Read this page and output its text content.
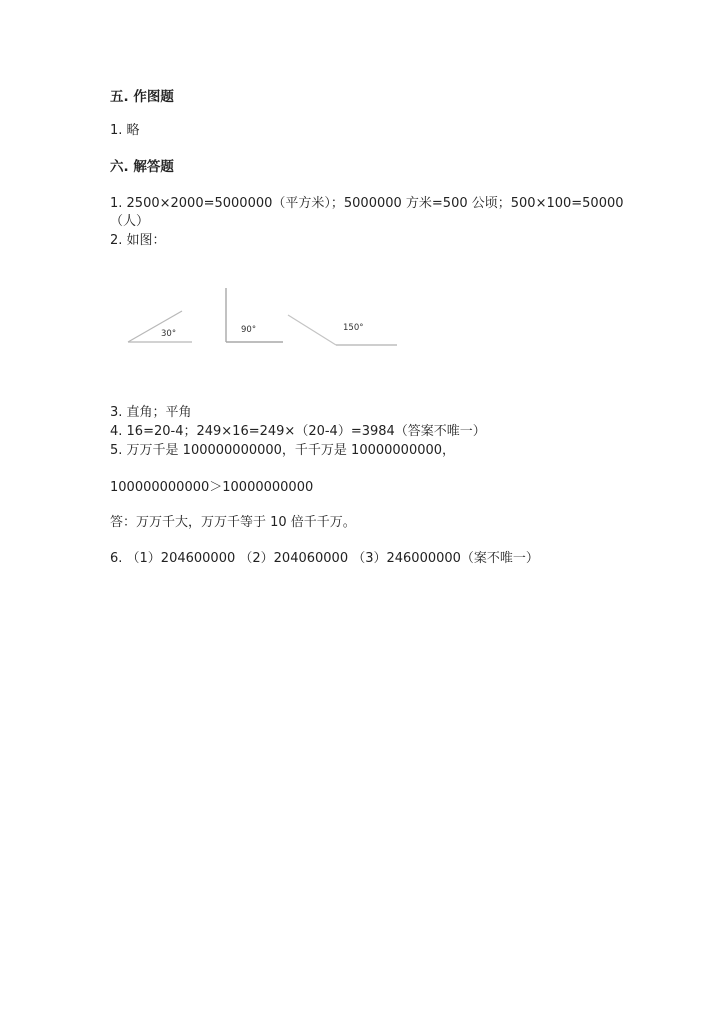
五. 作图题
1. 略
六. 解答题
1. 2500×2000=5000000（平方米）；5000000 方米=500 公顷；500×100=50000
（人）
2. 如图：
30°	90°	150°
3. 直角；平角
4. 16=20-4；249×16=249×（20-4）=3984（答案不唯一）
5. 万万千是 100000000000，千千万是 10000000000，
100000000000＞10000000000
答：万万千大，万万千等于 10 倍千千万。
6. （1）204600000 （2）204060000 （3）246000000（案不唯一）
